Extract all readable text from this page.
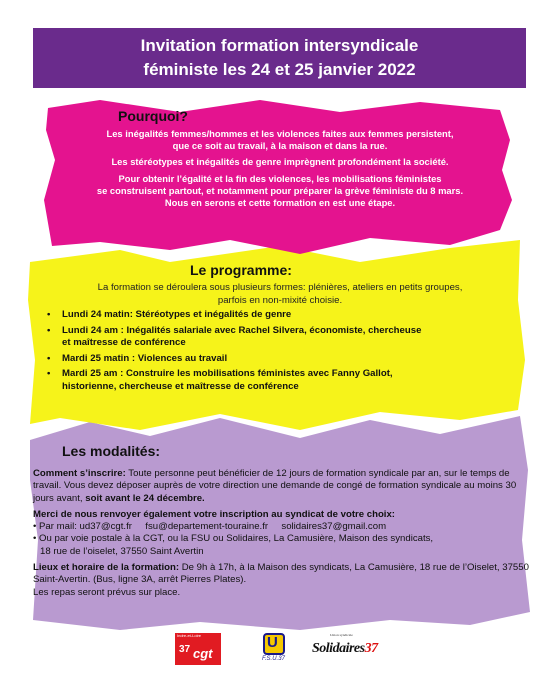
Invitation formation intersyndicale
féministe les 24 et 25 janvier 2022
Pourquoi?

Les inégalités femmes/hommes et les violences faites aux femmes persistent,
que ce soit au travail, à la maison et dans la rue.

Les stéréotypes et inégalités de genre imprègnent profondément la société.

Pour obtenir l’égalité et la fin des violences, les mobilisations féministes
se construisent partout, et notamment pour préparer la grève féministe du 8 mars.
Nous en serons et cette formation en est une étape.

Le programme:
La formation se déroulera sous plusieurs formes: plénières, ateliers en petits groupes,
parfois en non-mixité choisie.
• Lundi 24 matin: Stéréotypes et inégalités de genre
• Lundi 24 am : Inégalités salariale avec Rachel Silvera, économiste, chercheuse
et maîtresse de conférence
• Mardi 25 matin : Violences au travail
• Mardi 25 am : Construire les mobilisations féministes avec Fanny Gallot,
historienne, chercheuse et maîtresse de conférence
Les modalités:

Comment s’inscrire: Toute personne peut bénéficier de 12 jours de formation syndicale par an, sur le temps de travail. Vous devez déposer auprès de votre direction une demande de congé de formation syndicale au moins 30 jours avant, soit avant le 24 décembre.

Merci de nous renvoyer également votre inscription au syndicat de votre choix:

• Par mail: ud37@cgt.fr fsu@departement-touraine.fr solidaires37@gmail.com

• Ou par voie postale à la CGT, ou la FSU ou Solidaires, La Camusière, Maison des syndicats,
18 rue de l’oiselet, 37550 Saint Avertin

Lieux et horaire de la formation: De 9h à 17h, à la Maison des syndicats, La Camusière, 18 rue de l’Oiselet, 37550 Saint-Avertin. (Bus, ligne 3A, arrêt Pierres Plates).

Les repas seront prévus sur place.

Indre-et-Loire
37 cgt
U
F.S.U.37
Union syndicale
Solidaires37
